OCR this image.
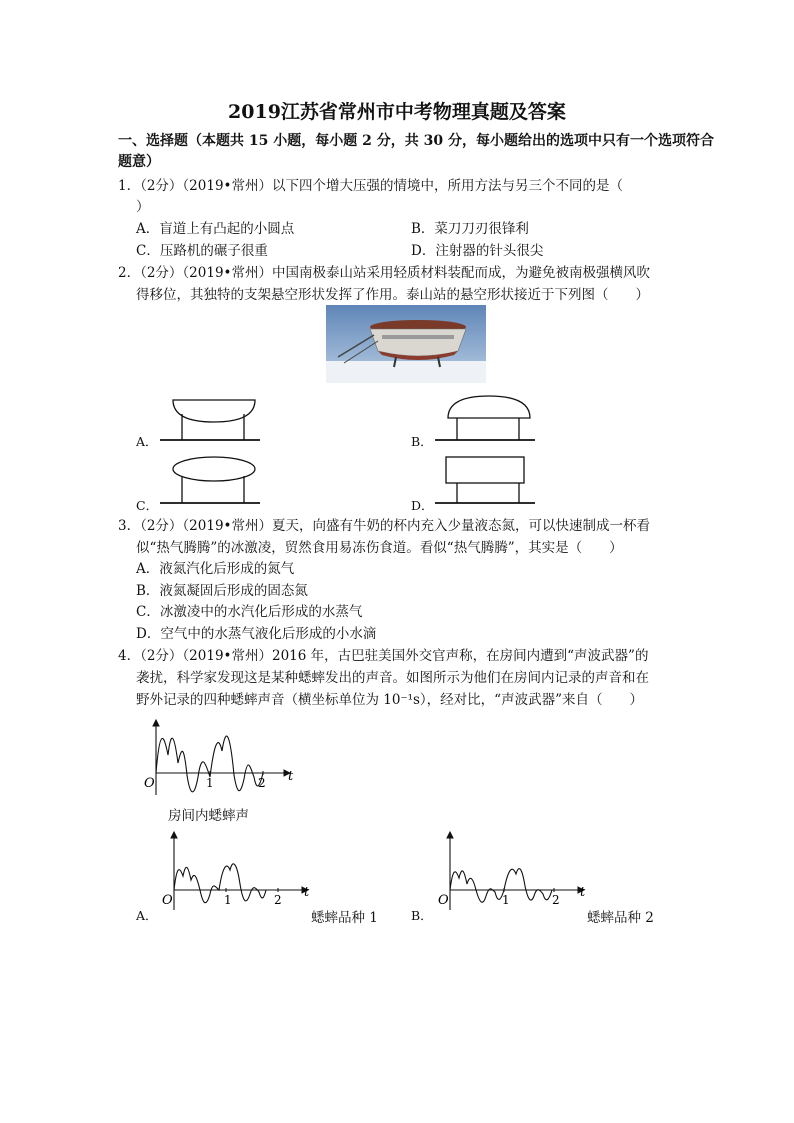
2019江苏省常州市中考物理真题及答案
一、选择题（本题共 15 小题，每小题 2 分，共 30 分，每小题给出的选项中只有一个选项符合
题意）
1．（2分）（2019•常州）以下四个增大压强的情境中，所用方法与另三个不同的是（
）
A．盲道上有凸起的小圆点	B．菜刀刀刃很锋利
C．压路机的碾子很重	D．注射器的针头很尖
2．（2分）（2019•常州）中国南极泰山站采用轻质材料装配而成，为避免被南极强横风吹
得移位，其独特的支架悬空形状发挥了作用。泰山站的悬空形状接近于下列图（　　）
A．	B．
C．	D．
3．（2分）（2019•常州）夏天，向盛有牛奶的杯内充入少量液态氮，可以快速制成一杯看
似“热气腾腾”的冰激凌，贸然食用易冻伤食道。看似“热气腾腾”，其实是（　　）
A．液氮汽化后形成的氮气
B．液氮凝固后形成的固态氮
C．冰激凌中的水汽化后形成的水蒸气
D．空气中的水蒸气液化后形成的小水滴
4．（2分）（2019•常州）2016 年，古巴驻美国外交官声称，在房间内遭到“声波武器”的
袭扰，科学家发现这是某种蟋蟀发出的声音。如图所示为他们在房间内记录的声音和在
野外记录的四种蟋蟀声音（横坐标单位为 10⁻¹s），经对比，“声波武器”来自（　　）
O	1	2 t
房间内蟋蟀声
A．
O	1	2 t
蟋蟀品种 1	B．
O	1	2 t
蟋蟀品种 2
